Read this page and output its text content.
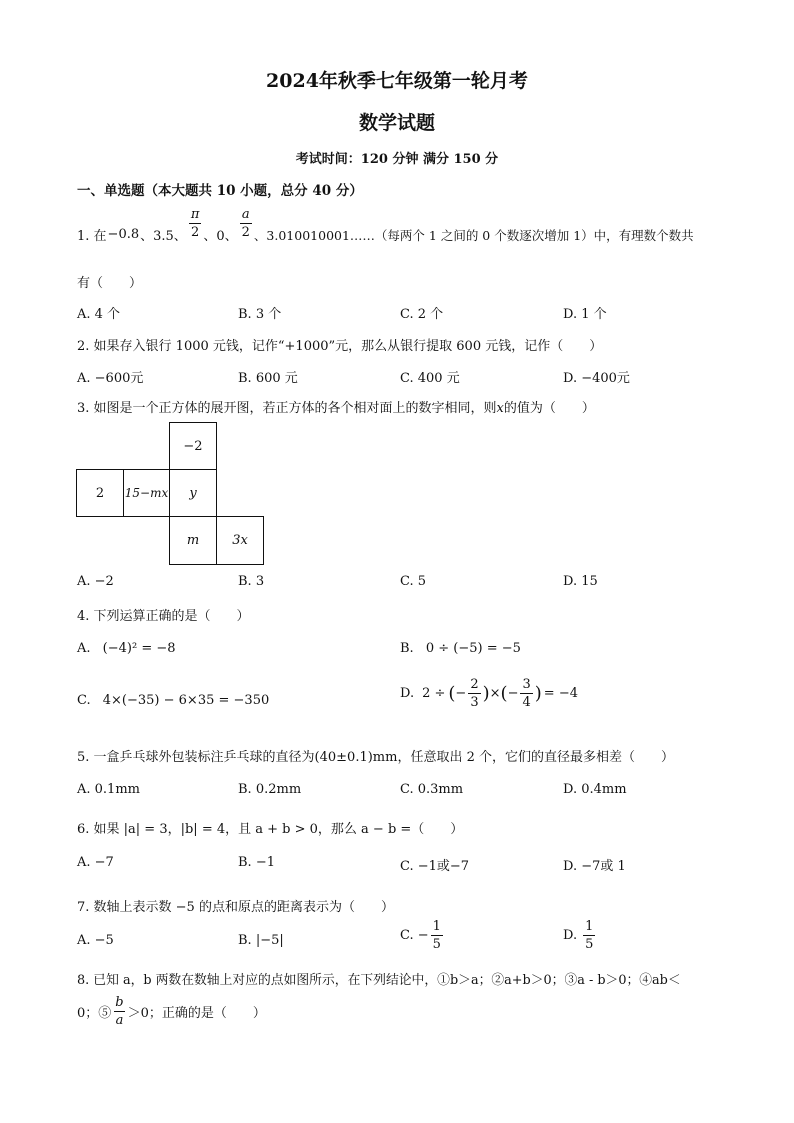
2024年秋季七年级第一轮月考
数学试题
考试时间：120 分钟 满分 150 分
一、单选题（本大题共 10 小题，总分 40 分）
1. 在 −0.8 、3.5、 $\frac{\pi}{2}$ 、0、 $\frac{a}{2}$ 、3.010010001……（每两个 1 之间的 0 个数逐次增加 1）中，有理数个数共
有（　　）
A. 4 个	B. 3 个	C. 2 个	D. 1 个
2. 如果存入银行 1000 元钱，记作“+1000”元，那么从银行提取 600 元钱，记作（　　）
A. −600元	B. 600 元	C. 400 元	D. −400元
3. 如图是一个正方体的展开图，若正方体的各个相对面上的数字相同，则x的值为（　　）
−2
2 15−mx y
m	3x
A. −2	B. 3	C. 5	D. 15
4. 下列运算正确的是（　　）
A. (−4)² = −8	B. 0 ÷ (−5) = −5
C. 4×(−35) − 6×35 = −350	D. 2 ÷ ( − $\frac{2}{3}$ ) × ( − $\frac{3}{4}$ ) = −4
5. 一盒乒乓球外包装标注乒乓球的直径为(40±0.1)mm，任意取出 2 个，它们的直径最多相差（　　）
A. 0.1mm	B. 0.2mm	C. 0.3mm	D. 0.4mm
6. 如果 |a| = 3，|b| = 4，且 a + b > 0，那么 a − b =（　　）
A. −7	B. −1	C. −1或−7	D. −7或 1
7. 数轴上表示数 −5 的点和原点的距离表示为（　　）
A. −5	B. |−5|	C. − $\frac{1}{5}$	D. $\frac{1}{5}$
8. 已知 a，b 两数在数轴上对应的点如图所示，在下列结论中，①b＞a；②a+b＞0；③a - b＞0；④ab＜
0；⑤ $\frac{b}{a} >0$；正确的是（　　）
